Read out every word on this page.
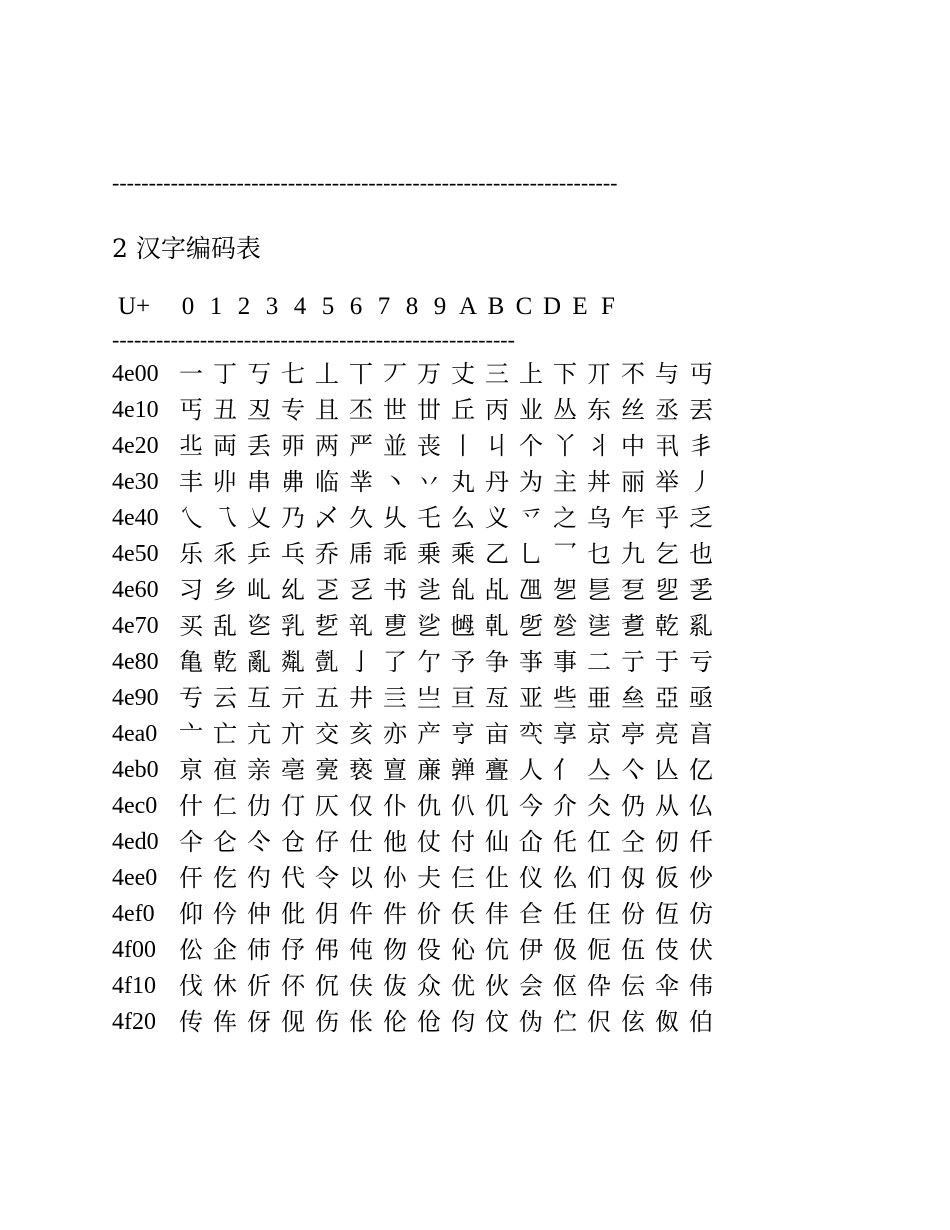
---------------------------------------------------------------------
2 汉字编码表
U+	0 1 2 3 4 5 6 7 8 9 A B C D E F
-------------------------------------------------------
4e00 一 丁 丂 七 丄 丅 丆 万 丈 三 上 下 丌 不 与 丏
4e10 丐 丑 丒 专 且 丕 世 丗 丘 丙 业 丛 东 丝 丞 丟
4e20 丠 両 丢 丣 两 严 並 丧 丨 丩 个 丫 丬 中 丮 丯
4e30 丰 丱 串 丳 临 丵 丶 丷 丸 丹 为 主 丼 丽 举 丿
4e40 乀 乁 乂 乃 乄 久 乆 乇 么 义 乊 之 乌 乍 乎 乏
4e50 乐 乑 乒 乓 乔 乕 乖 乗 乘 乙 乚 乛 乜 九 乞 也
4e60 习 乡 乢 乣 乤 乥 书 乧 乨 乩 乪 乫 乬 乭 乮 乯
4e70 买 乱 乲 乳 乴 乵 乶 乷 乸 乹 乺 乻 乼 乽 乾 乿
4e80 亀 亁 亂 亃 亄 亅 了 亇 予 争 亊 事 二 亍 于 亏
4e90 亐 云 互 亓 五 井 亖 亗 亘 亙 亚 些 亜 亝 亞 亟
4ea0 亠 亡 亢 亣 交 亥 亦 产 亨 亩 亪 享 京 亭 亮 亯
4eb0 亰 亱 亲 亳 亴 亵 亶 亷 亸 亹 人 亻 亼 亽 亾 亿
4ec0 什 仁 仂 仃 仄 仅 仆 仇 仈 仉 今 介 仌 仍 从 仏
4ed0 仐 仑 仒 仓 仔 仕 他 仗 付 仙 仚 仛 仜 仝 仞 仟
4ee0 仠 仡 仢 代 令 以 仦 仧 仨 仩 仪 仫 们 仭 仮 仯
4ef0	仰 仱 仲 仳 仴 仵 件 价 仸 仹 仺 任 仼 份 仾 仿
4f00 伀 企 伂 伃 伄 伅 伆 伇 伈 伉 伊 伋 伌 伍 伎 伏
4f10 伐 休 伒 伓 伔 伕 伖 众 优 伙 会 伛 伜 伝 伞 伟
4f20 传 伡 伢 伣 伤 伥 伦 伧 伨 伩 伪 伫 伬 伭 伮 伯
